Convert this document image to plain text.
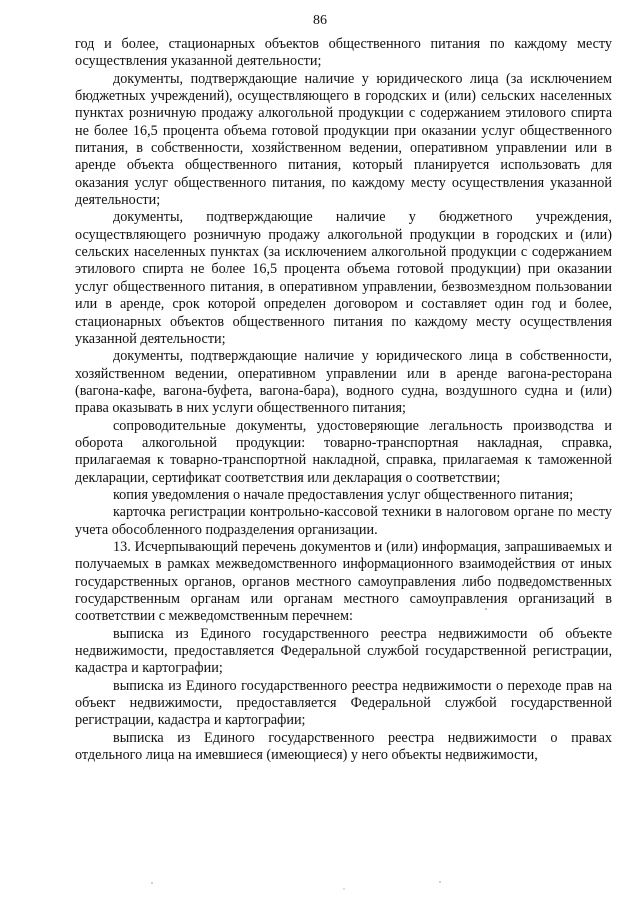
86

год и более, стационарных объектов общественного питания по каждому месту осуществления указанной деятельности;

документы, подтверждающие наличие у юридического лица (за исключением бюджетных учреждений), осуществляющего в городских и (или) сельских населенных пунктах розничную продажу алкогольной продукции с содержанием этилового спирта не более 16,5 процента объема готовой продукции при оказании услуг общественного питания, в собственности, хозяйственном ведении, оперативном управлении или в аренде объекта общественного питания, который планируется использовать для оказания услуг общественного питания, по каждому месту осуществления указанной деятельности;

документы, подтверждающие наличие у бюджетного учреждения, осуществляющего розничную продажу алкогольной продукции в городских и (или) сельских населенных пунктах (за исключением алкогольной продукции с содержанием этилового спирта не более 16,5 процента объема готовой продукции) при оказании услуг общественного питания, в оперативном управлении, безвозмездном пользовании или в аренде, срок которой определен договором и составляет один год и более, стационарных объектов общественного питания по каждому месту осуществления указанной деятельности;

документы, подтверждающие наличие у юридического лица в собственности, хозяйственном ведении, оперативном управлении или в аренде вагона-ресторана (вагона-кафе, вагона-буфета, вагона-бара), водного судна, воздушного судна и (или) права оказывать в них услуги общественного питания;

сопроводительные документы, удостоверяющие легальность производства и оборота алкогольной продукции: товарно-транспортная накладная, справка, прилагаемая к товарно-транспортной накладной, справка, прилагаемая к таможенной декларации, сертификат соответствия или декларация о соответствии;

копия уведомления о начале предоставления услуг общественного питания;

карточка регистрации контрольно-кассовой техники в налоговом органе по месту учета обособленного подразделения организации.

13. Исчерпывающий перечень документов и (или) информация, запрашиваемых и получаемых в рамках межведомственного информационного взаимодействия от иных государственных органов, органов местного самоуправления либо подведомственных государственным органам или органам местного самоуправления организаций в соответствии с межведомственным перечнем:

выписка из Единого государственного реестра недвижимости об объекте недвижимости, предоставляется Федеральной службой государственной регистрации, кадастра и картографии;

выписка из Единого государственного реестра недвижимости о переходе прав на объект недвижимости, предоставляется Федеральной службой государственной регистрации, кадастра и картографии;

выписка из Единого государственного реестра недвижимости о правах отдельного лица на имевшиеся (имеющиеся) у него объекты недвижимости,
